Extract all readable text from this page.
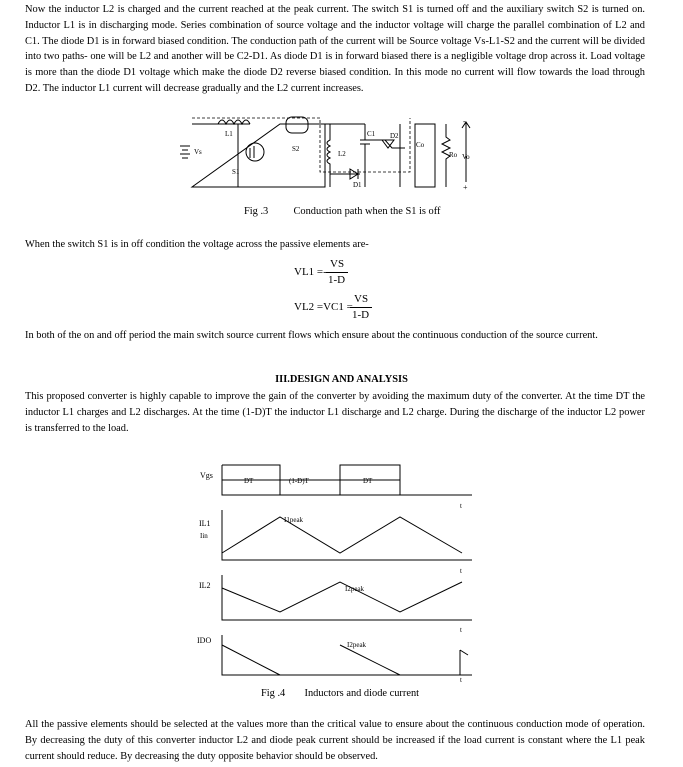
Now the inductor L2 is charged and the current reached at the peak current. The switch S1 is turned off and the auxiliary switch S2 is turned on. Inductor L1 is in discharging mode. Series combination of source voltage and the inductor voltage will charge the parallel combination of L2 and C1. The diode D1 is in forward biased condition. The conduction path of the current will be Source voltage Vs-L1-S2 and the current will be divided into two paths- one will be L2 and another will be C2-D1. As diode D1 is in forward biased there is a negligible voltage drop across it. Load voltage is more than the diode D1 voltage which make the diode D2 reverse biased condition. In this mode no current will flow towards the load through D2. The inductor L1 current will decrease gradually and the L2 current increases.

L1
Vs
S1
S2
L2
C1 D2
Co
Ro Vo
D1
-
+
Fig .3 Conduction path when the S1 is off

When the switch S1 is in off condition the voltage across the passive elements are-

VL1 =-
VS
1-D
VL2 =VC1 =
VS
1-D

In both of the on and off period the main switch source current flows which ensure about the continuous conduction of the source current.

III.DESIGN AND ANALYSIS

This proposed converter is highly capable to improve the gain of the converter by avoiding the maximum duty of the converter. At the time DT the inductor L1 charges and L2 discharges. At the time (1-D)T the inductor L1 discharge and L2 charge. During the discharge of the inductor L2 power is transferred to the load.

Vgs
DT	(1-D)T	DT
IL1
Iin
I1peak
IL2	I2peak
IDO	I2peak
t
t
t
t
Fig .4 Inductors and diode current

All the passive elements should be selected at the values more than the critical value to ensure about the continuous conduction mode of operation. By decreasing the duty of this converter inductor L2 and diode peak current should be increased if the load current is constant where the L1 peak current should reduce. By decreasing the duty opposite behavior should be observed.
